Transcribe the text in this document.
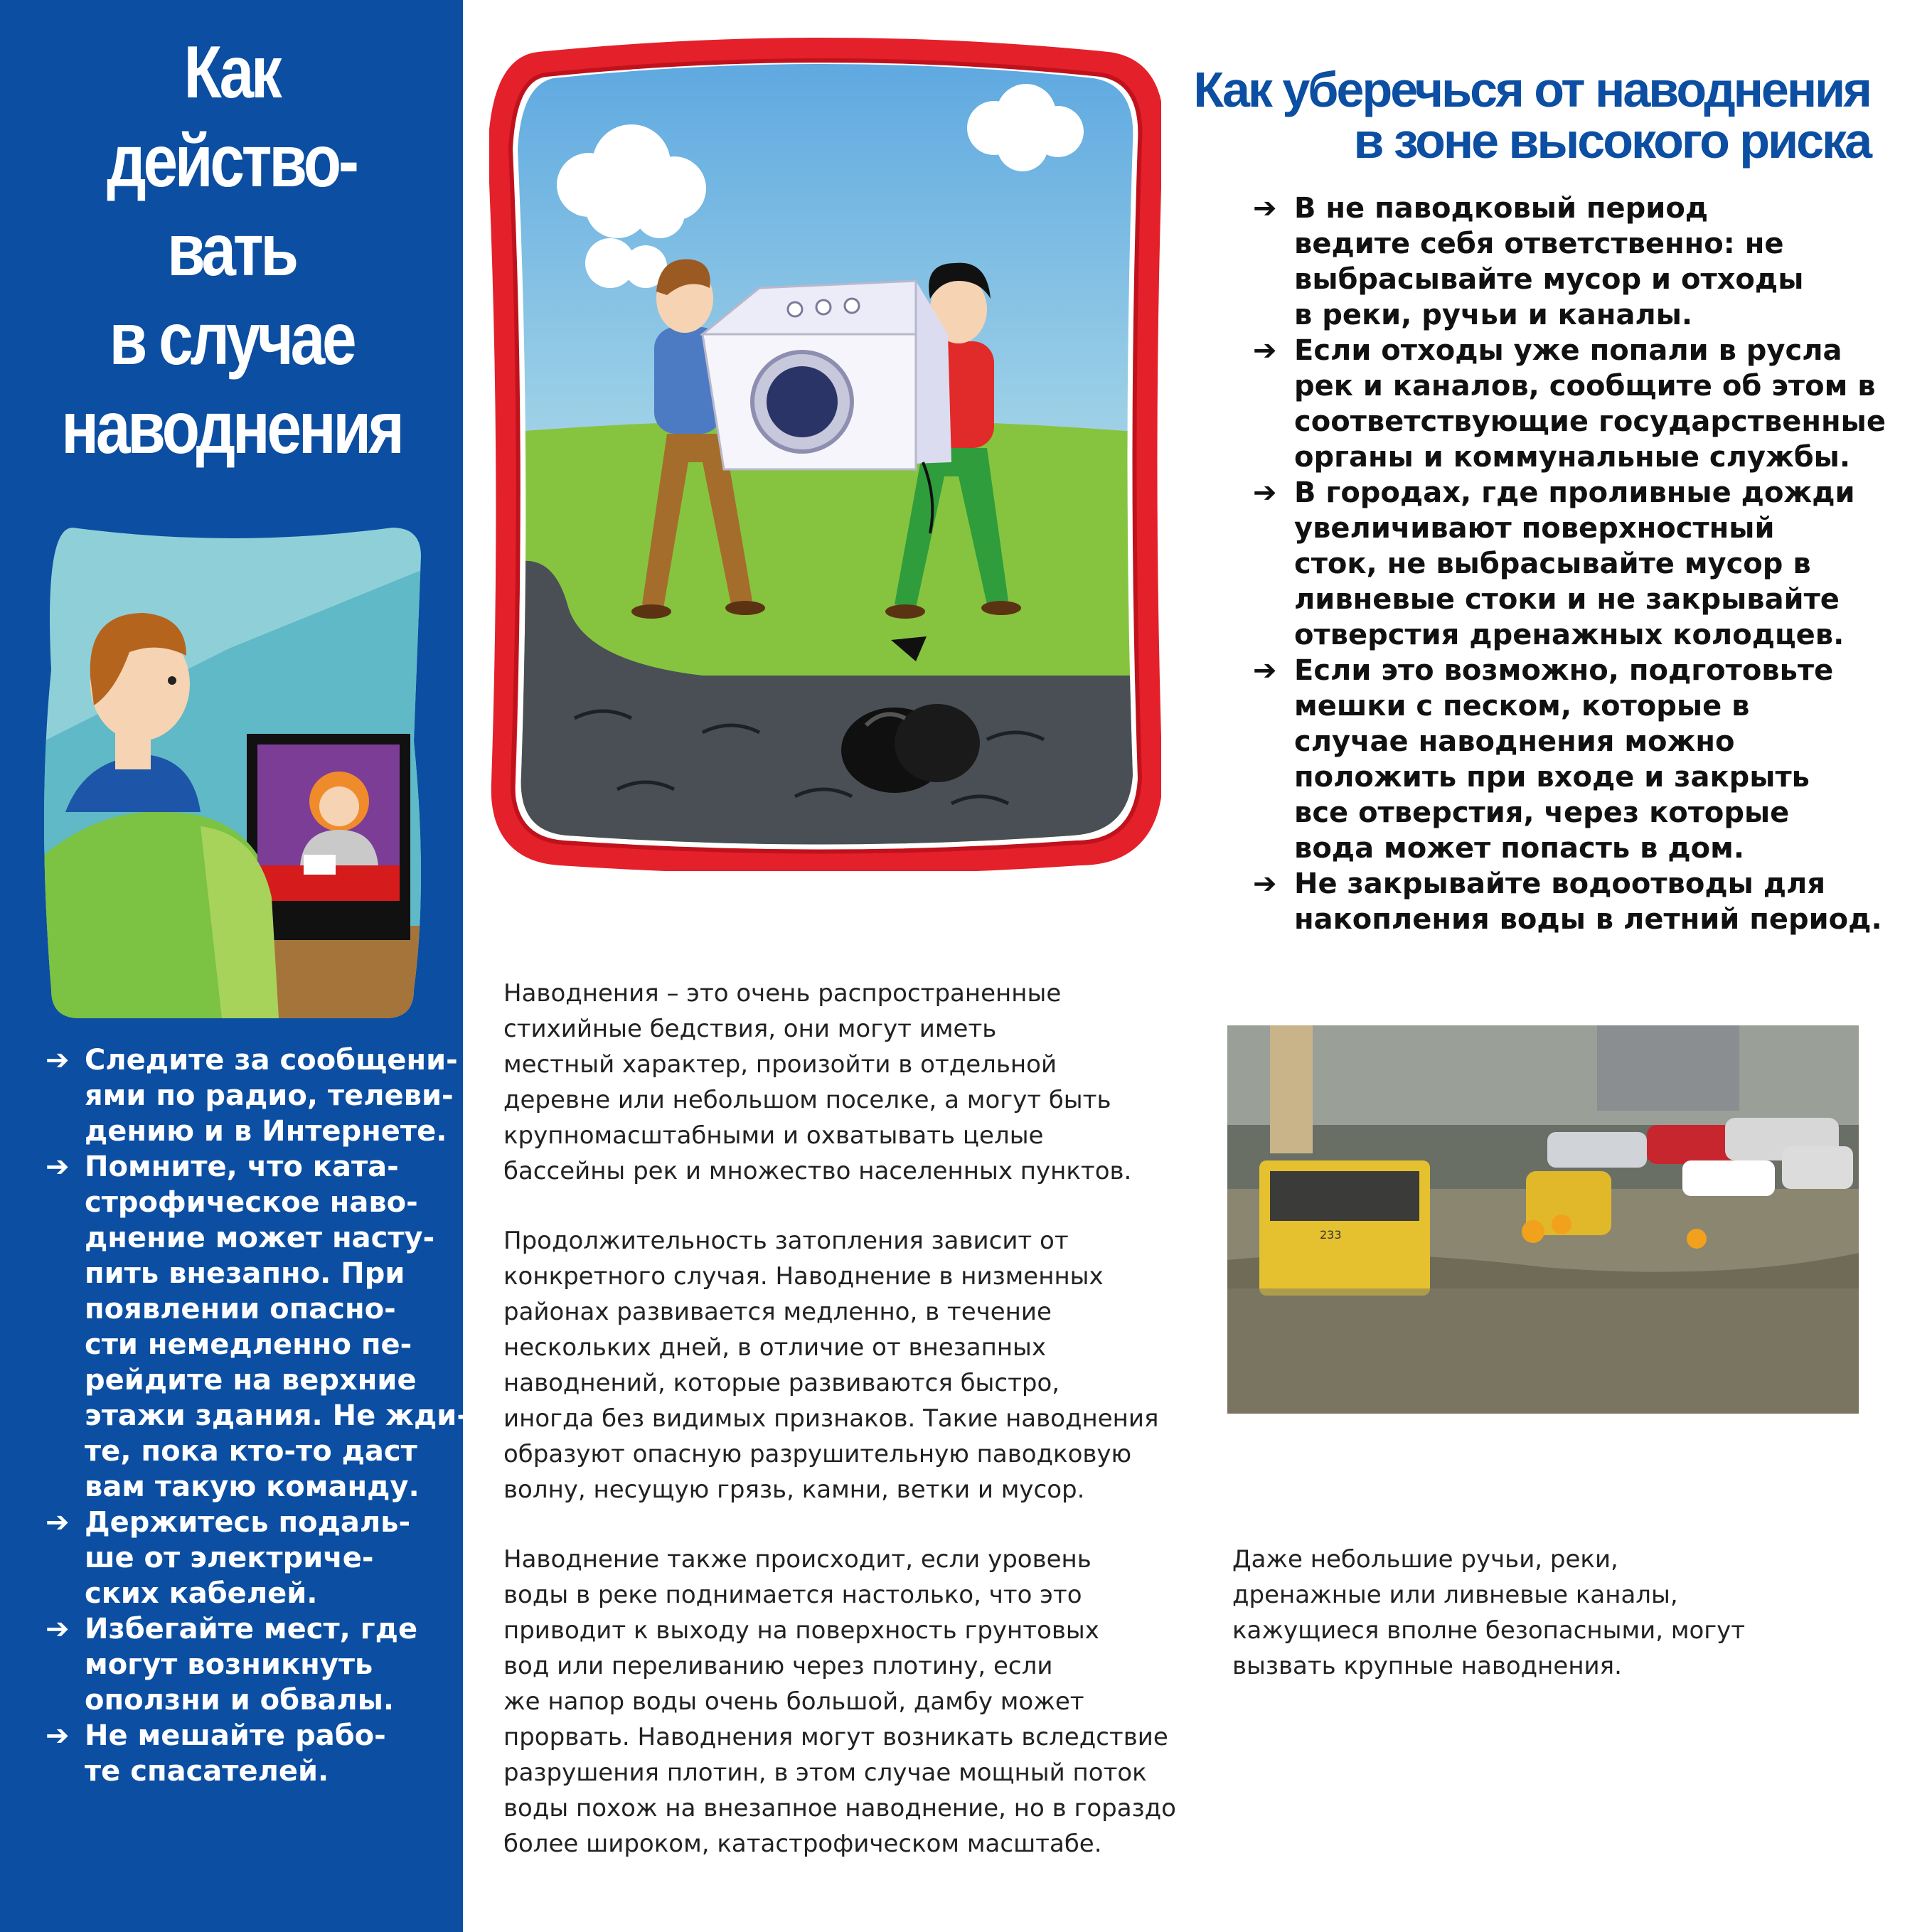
Как
действо-
вать
в случае
наводнения
➔ Следите за сообщени-
ями по радио, телеви-
дению и в Интернете.
➔ Помните, что ката-
строфическое наво-
днение может насту-
пить внезапно. При
появлении опасно-
сти немедленно пе-
рейдите на верхние
этажи здания. Не жди-
те, пока кто-то даст
вам такую команду.
➔ Держитесь подаль-
ше от электриче-
ских кабелей.
➔ Избегайте мест, где
могут возникнуть
оползни и обвалы.
➔ Не мешайте рабо-
те спасателей.
Как уберечься от наводнения
в зоне высокого риска
➔ В не паводковый период
ведите себя ответственно: не
выбрасывайте мусор и отходы
в реки, ручьи и каналы.
➔ Если отходы уже попали в русла
рек и каналов, сообщите об этом в
соответствующие государственные
органы и коммунальные службы.
➔ В городах, где проливные дожди
увеличивают поверхностный
сток, не выбрасывайте мусор в
ливневые стоки и не закрывайте
отверстия дренажных колодцев.
➔ Если это возможно, подготовьте
мешки с песком, которые в
случае наводнения можно
положить при входе и закрыть
все отверстия, через которые
вода может попасть в дом.
➔ Не закрывайте водоотводы для
накопления воды в летний период.

Наводнения – это очень распространенные
стихийные бедствия, они могут иметь
местный характер, произойти в отдельной
деревне или небольшом поселке, а могут быть
крупномасштабными и охватывать целые
бассейны рек и множество населенных пунктов.

Продолжительность затопления зависит от
конкретного случая. Наводнение в низменных
районах развивается медленно, в течение
нескольких дней, в отличие от внезапных
наводнений, которые развиваются быстро,
иногда без видимых признаков. Такие наводнения
образуют опасную разрушительную паводковую
волну, несущую грязь, камни, ветки и мусор.

Наводнение также происходит, если уровень
воды в реке поднимается настолько, что это
приводит к выходу на поверхность грунтовых
вод или переливанию через плотину, если
же напор воды очень большой, дамбу может
прорвать. Наводнения могут возникать вследствие
разрушения плотин, в этом случае мощный поток
воды похож на внезапное наводнение, но в гораздо
более широком, катастрофическом масштабе.

233

Даже небольшие ручьи, реки,
дренажные или ливневые каналы,
кажущиеся вполне безопасными, могут
вызвать крупные наводнения.
